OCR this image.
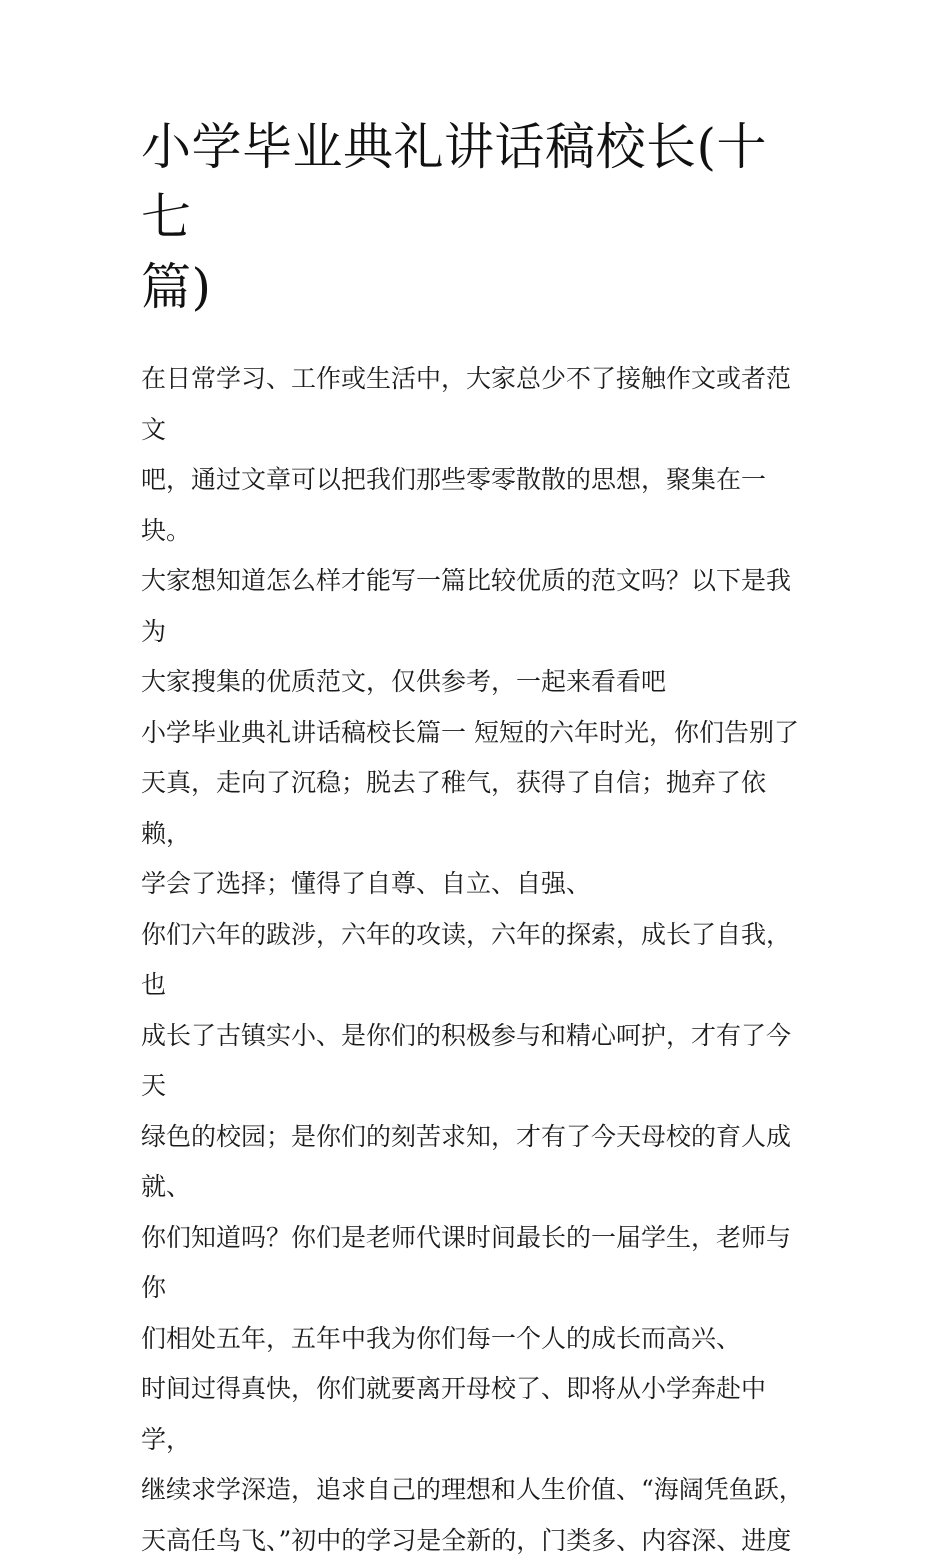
小学毕业典礼讲话稿校长(十七
篇)

在日常学习、工作或生活中，大家总少不了接触作文或者范文
吧，通过文章可以把我们那些零零散散的思想，聚集在一块。
大家想知道怎么样才能写一篇比较优质的范文吗？以下是我为
大家搜集的优质范文，仅供参考，一起来看看吧

小学毕业典礼讲话稿校长篇一 短短的六年时光，你们告别了
天真，走向了沉稳；脱去了稚气，获得了自信；抛弃了依赖，
学会了选择；懂得了自尊、自立、自强、

你们六年的跋涉，六年的攻读，六年的探索，成长了自我，也
成长了古镇实小、是你们的积极参与和精心呵护，才有了今天
绿色的校园；是你们的刻苦求知，才有了今天母校的育人成
就、

你们知道吗？你们是老师代课时间最长的一届学生，老师与你
们相处五年，五年中我为你们每一个人的成长而高兴、

时间过得真快，你们就要离开母校了、即将从小学奔赴中学，
继续求学深造，追求自己的理想和人生价值、“海阔凭鱼跃，
天高任鸟飞、”初中的学习是全新的，门类多、内容深、进度
